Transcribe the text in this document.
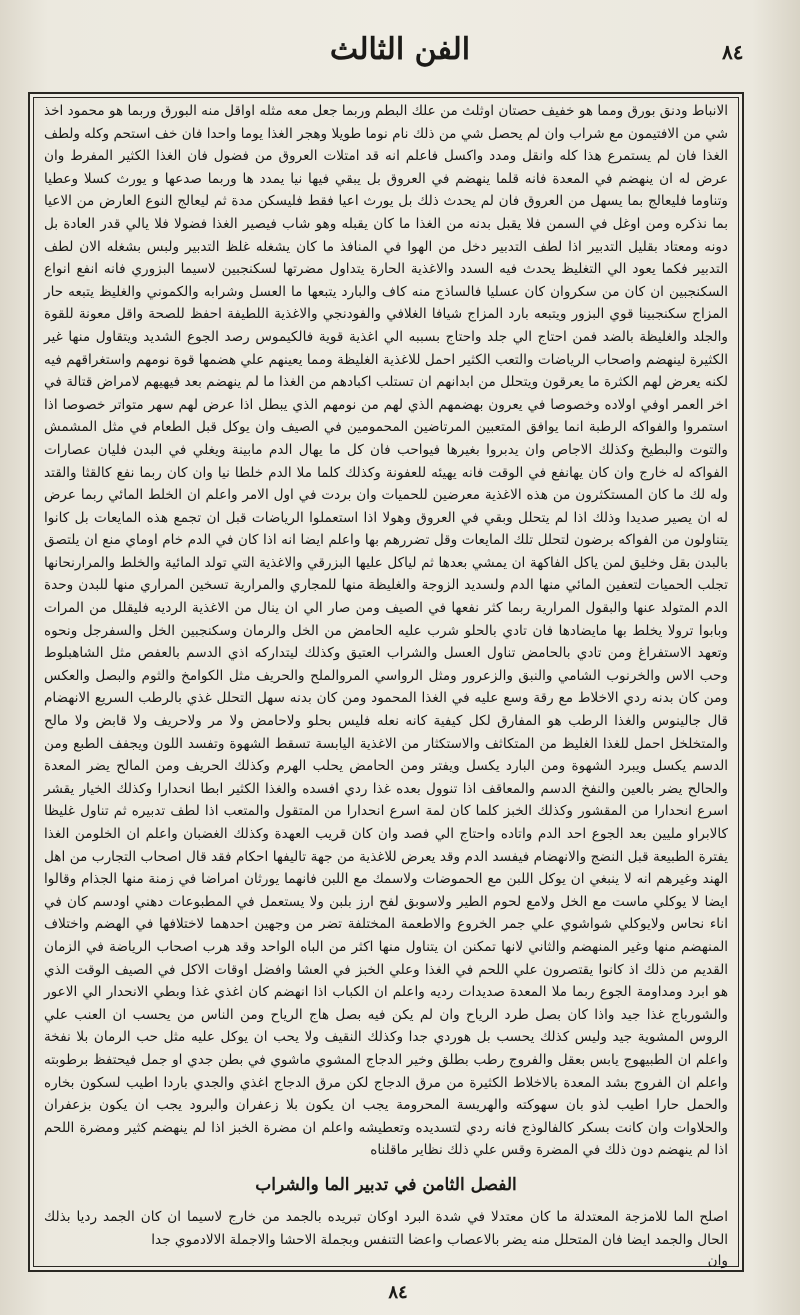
الفن الثالث	٨٤

الانباط ودنق بورق ومما هو خفيف حصتان اوثلث من علك البطم وربما جعل معه مثله اواقل منه البورق وربما هو محمود اخذ شي من الافتيمون مع شراب وان لم يحصل شي من ذلك نام نوما طويلا وهجر الغذا يوما واحدا فان خف استحم وكله ولطف الغذا فان لم يستمرع هذا كله وانقل ومدد واكسل فاعلم انه قد امتلات العروق من فضول فان الغذا الكثير المفرط وان عرض له ان ينهضم في المعدة فانه قلما ينهضم في العروق بل يبقي فيها نيا يمدد ها وربما صدعها و يورث كسلا وعطيا وتناوما فليعالج بما يسهل من العروق فان لم يحدث ذلك بل يورث اعيا فقط فليسكن مدة ثم ليعالج النوع العارض من الاعيا بما نذكره ومن اوغل في السمن فلا يقبل بدنه من الغذا ما كان يقبله وهو شاب فيصير الغذا فضولا فلا يالي قدر العادة بل دونه ومعتاد بقليل التدبير اذا لطف التدبير دخل من الهوا في المنافذ ما كان يشغله غلظ التدبير ولبس بشغله الان لطف التدبير فكما يعود الي التغليظ يحدث فيه السدد والاغذية الحارة يتداول مضرتها لسكنجبين لاسيما البزوري فانه انفع انواع السكنجبين ان كان من سكروان كان عسليا فالساذج منه كاف والبارد يتبعها ما العسل وشرابه والكموني والغليظ يتبعه حار المزاج سكنجبينا قوي البزور ويتبعه بارد المزاج شيافا الغلافي والفودنجي والاغذية اللطيفة احفظ للصحة واقل معونة للقوة والجلد والغليظة بالضد فمن احتاج الي جلد واحتاج بسببه الي اغذية قوية فالكيموس رصد الجوع الشديد ويتقاول منها غير الكثيرة لينهضم واصحاب الرياضات والتعب الكثير احمل للاغذية الغليظة ومما يعينهم علي هضمها قوة نومهم واستغراقهم فيه لكنه يعرض لهم الكثرة ما يعرقون ويتحلل من ابدانهم ان تستلب اكبادهم من الغذا ما لم ينهضم بعد فيهيهم لامراض قتالة في اخر العمر اوفي اولاده وخصوصا في يعرون بهضمهم الذي لهم من نومهم الذي يبطل اذا عرض لهم سهر متواتر خصوصا اذا استمروا والفواكه الرطبة انما يوافق المتعبين المرتاضين المحمومين في الصيف وان يوكل قبل الطعام في مثل المشمش والتوت والبطيخ وكذلك الاجاص وان يدبروا بغيرها فيواحب فان كل ما يهال الدم مابينة ويغلي في البدن فليان عصارات الفواكه له خارج وان كان يهانفع في الوقت فانه يهيئه للعفونة وكذلك كلما ملا الدم خلطا نيا وان كان ربما نفع كالقثا والقتد وله لك ما كان المستكثرون من هذه الاغذية معرضين للحميات وان بردت في اول الامر واعلم ان الخلط المائي ربما عرض له ان يصير صديدا وذلك اذا لم يتحلل وبقي في العروق وهولا اذا استعملوا الرياضات قبل ان تجمع هذه المايعات بل كانوا يتناولون من الفواكه برضون لتحلل تلك المايعات وقل تضررهم بها واعلم ايضا انه اذا كان في الدم خام اوماي منع ان يلتصق بالبدن بقل وخليق لمن ياكل الفاكهة ان يمشي بعدها ثم لياكل عليها البزرقي والاغذية التي تولد المائية والخلط والمرارنحانها تجلب الحميات لتعفين المائي منها الدم ولسديد الزوجة والغليظة منها للمجاري والمرارية تسخين المراري منها للبدن وحدة الدم المتولد عنها والبقول المرارية ربما كثر نفعها في الصيف ومن صار الي ان ينال من الاغذية الرديه فليقلل من المرات وبابوا ترولا يخلط بها مايضادها فان تادي بالحلو شرب عليه الحامض من الخل والرمان وسكنجبين الخل والسفرجل ونحوه وتعهد الاستفراغ ومن تادي بالحامض تناول العسل والشراب العتيق وكذلك ليتداركه اذي الدسم بالعفص مثل الشاهبلوط وحب الاس والخرنوب الشامي والنبق والزعرور ومثل الرواسي المروالملح والحريف مثل الكوامخ والثوم والبصل والعكس ومن كان بدنه ردي الاخلاط مع رقة وسع عليه في الغذا المحمود ومن كان بدنه سهل التحلل غذي بالرطب السريع الانهضام قال جالينوس والغذا الرطب هو المفارق لكل كيفية كانه نعله فليس بحلو ولاحامض ولا مر ولاحريف ولا قابض ولا مالح والمتخلخل احمل للغذا الغليظ من المتكاثف والاستكثار من الاغذية اليابسة تسقط الشهوة وتفسد اللون ويجفف الطبع ومن الدسم يكسل ويبرد الشهوة ومن البارد يكسل ويفتر ومن الحامض يحلب الهرم وكذلك الحريف ومن المالح يضر المعدة والحالح يضر بالعين والنفخ الدسم والمعاقف اذا تنوول بعده غذا ردي افسده والغذا الكثير ابطا انحدارا وكذلك الخيار يقشر اسرع انحدارا من المقشور وكذلك الخبز كلما كان لمة اسرع انحدارا من المتقول والمتعب اذا لطف تدبيره ثم تناول غليظا كالابراو مليين بعد الجوع احد الدم واتاده واحتاج الي فصد وان كان قريب العهدة وكذلك الغضبان واعلم ان الخلومن الغذا يفترة الطبيعة قبل النضج والانهضام فيفسد الدم وقد يعرض للاغذية من جهة تاليفها احكام فقد قال اصحاب التجارب من اهل الهند وغيرهم انه لا ينبغي ان يوكل اللبن مع الحموضات ولاسمك مع اللبن فانهما يورثان امراضا في زمنة منها الجذام وقالوا ايضا لا يوكلي ماست مع الخل ولامع لحوم الطير ولاسوبق لفح ارز بلبن ولا يستعمل في المطبوعات دهني اودسم كان في اناء نحاس ولايوكلي شواشوي علي جمر الخروع والاطعمة المختلفة تضر من وجهين احدهما لاختلافها في الهضم واختلاف المنهضم منها وغير المنهضم والثاني لانها تمكنن ان يتناول منها اكثر من الباه الواحد وقد هرب اصحاب الرياضة في الزمان القديم من ذلك اذ كانوا يقتصرون علي اللحم في الغذا وعلي الخبز في العشا وافضل اوقات الاكل في الصيف الوقت الذي هو ابرد ومداومة الجوع ربما ملا المعدة صديدات رديه واعلم ان الكباب اذا انهضم كان اغذي غذا وبطي الانحدار الي الاعور والشورباج غذا جيد واذا كان بصل طرد الرياح وان لم يكن فيه بصل هاج الرياح ومن الناس من يحسب ان العنب علي الروس المشوية جيد وليس كذلك يحسب بل هوردي جدا وكذلك النقيف ولا يحب ان يوكل عليه مثل حب الرمان بلا نفخة واعلم ان الطبيهوج يابس بعقل والفروج رطب بطلق وخير الدجاج المشوي ماشوي في بطن جدي او جمل فيحتفظ برطوبته واعلم ان الفروج بشد المعدة بالاخلاط الكثيرة من مرق الدجاج لكن مرق الدجاج اغذي والجدي باردا اطيب لسكون بخاره والحمل حارا اطيب لذو بان سهوكته والهريسة المحرومة يجب ان يكون بلا زعفران والبرود يجب ان يكون بزعفران والحلاوات وان كانت بسكر كالفالوذج فانه ردي لتسديده وتعطيشه واعلم ان مضرة الخبز اذا لم ينهضم كثير ومضرة اللحم اذا لم ينهضم دون ذلك في المضرة وقس علي ذلك نظاير ماقلناه

الفصل الثامن في تدبير الما والشراب

اصلح الما للامزجة المعتدلة ما كان معتدلا في شدة البرد اوكان تبريده بالجمد من خارج لاسيما ان كان الجمد رديا بذلك الحال والجمد ايضا فان المتحلل منه يضر بالاعصاب واعضا التنفس وبجملة الاحشا والاجملة الالادموي جدا

وان

٨٤
